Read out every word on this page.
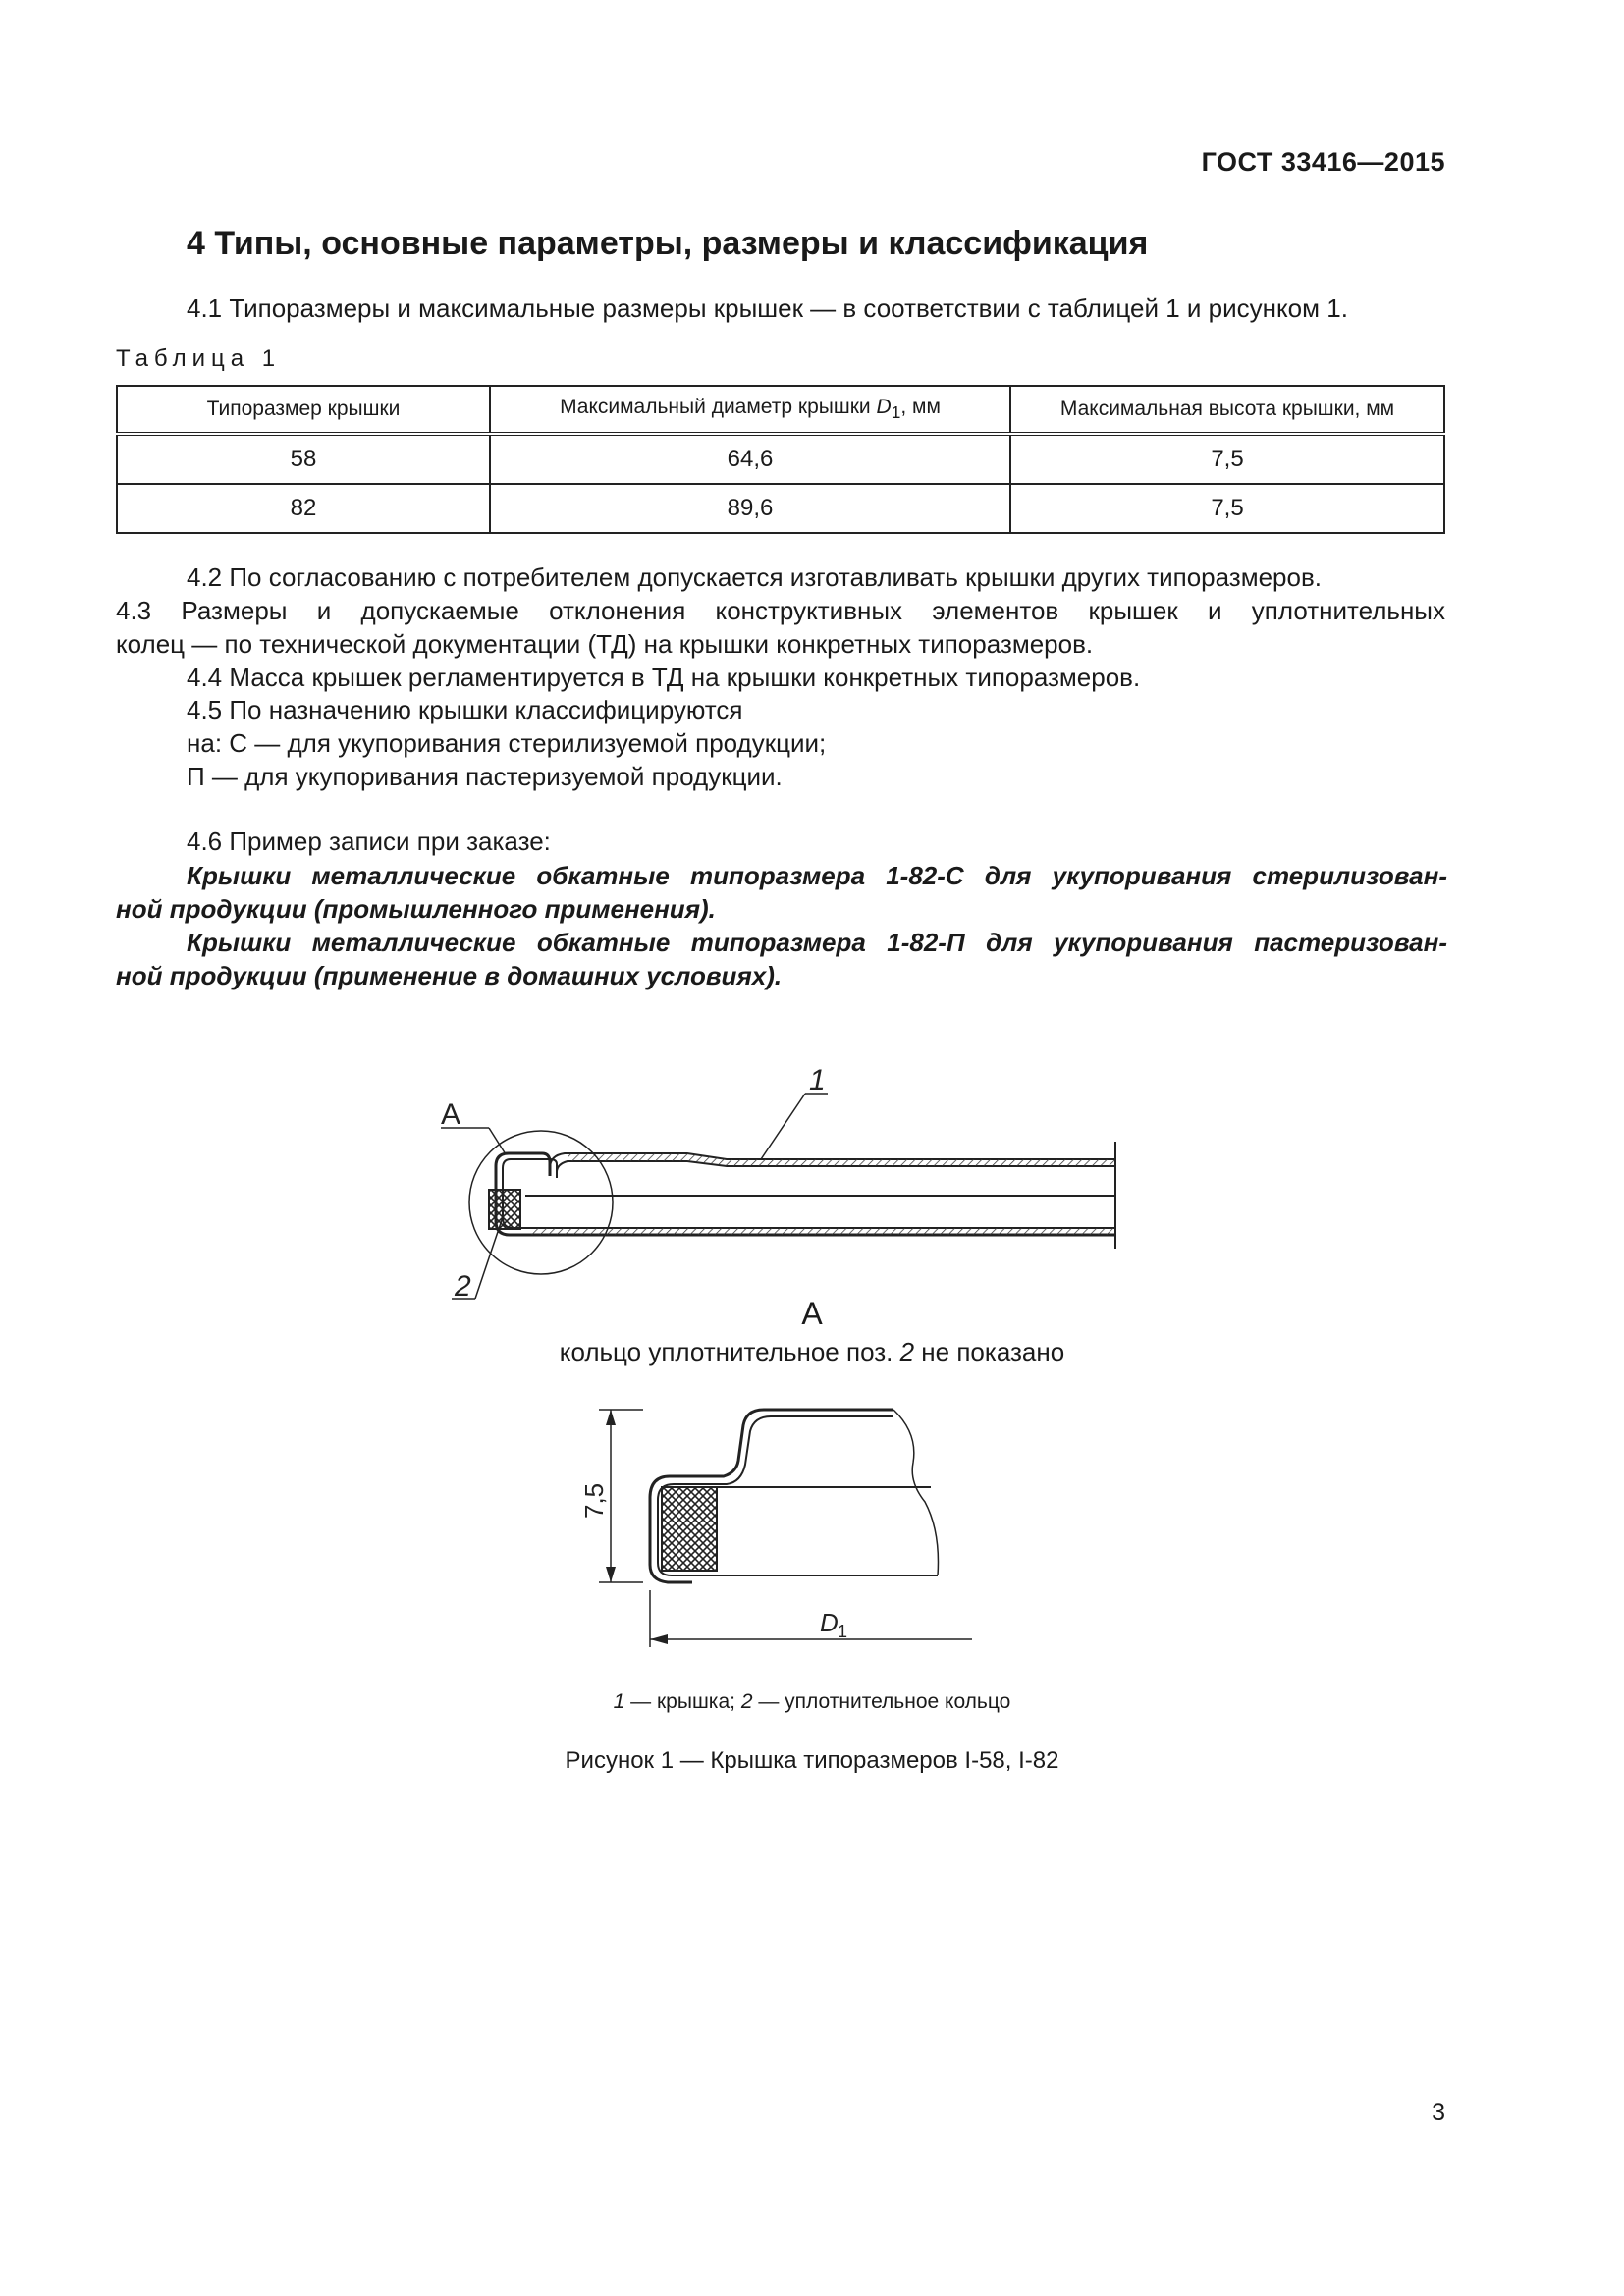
ГОСТ 33416—2015
4 Типы, основные параметры, размеры и классификация
4.1 Типоразмеры и максимальные размеры крышек — в соответствии с таблицей 1 и рисунком 1.
Таблица 1
Типоразмер крышки	Максимальный диаметр крышки $D_1$, мм	Максимальная высота крышки, мм
58	64,6	7,5
82	89,6	7,5
4.2 По согласованию с потребителем допускается изготавливать крышки других типоразмеров.
4.3 Размеры и допускаемые отклонения конструктивных элементов крышек и уплотнительных
колец — по технической документации (ТД) на крышки конкретных типоразмеров.
4.4 Масса крышек регламентируется в ТД на крышки конкретных типоразмеров.
4.5 По назначению крышки классифицируются
на: С — для укупоривания стерилизуемой продукции;
П — для укупоривания пастеризуемой продукции.
4.6 Пример записи при заказе:
Крышки металлические обкатные типоразмера 1-82-С для укупоривания стерилизован-
ной продукции (промышленного применения).
Крышки металлические обкатные типоразмера 1-82-П для укупоривания пастеризован-
ной продукции (применение в домашних условиях).
А
1
2
7,5
D 1
А
кольцо уплотнительное поз. 2 не показано
1 — крышка; 2 — уплотнительное кольцо
Рисунок 1 — Крышка типоразмеров I-58, I-82
3
